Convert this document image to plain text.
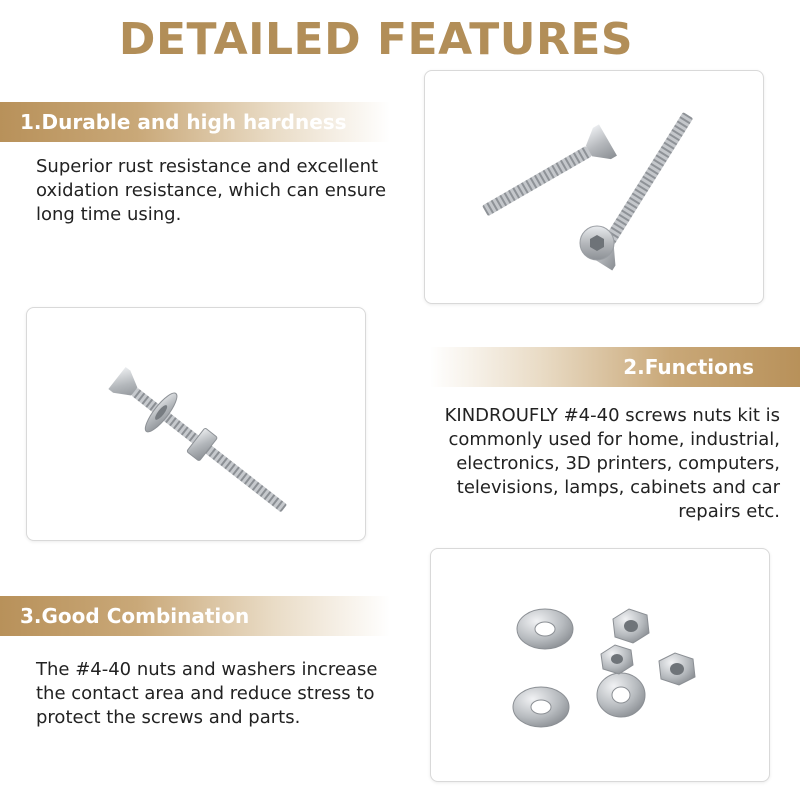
DETAILED FEATURES
1.Durable and high hardness
Superior rust resistance and excellent oxidation resistance, which can ensure long time using.
2.Functions
KINDROUFLY #4-40 screws nuts kit is commonly used for home, industrial, electronics, 3D printers, computers, televisions, lamps, cabinets and car repairs etc.
3.Good Combination
The #4-40 nuts and washers increase the contact area and reduce stress to protect the screws and parts.
